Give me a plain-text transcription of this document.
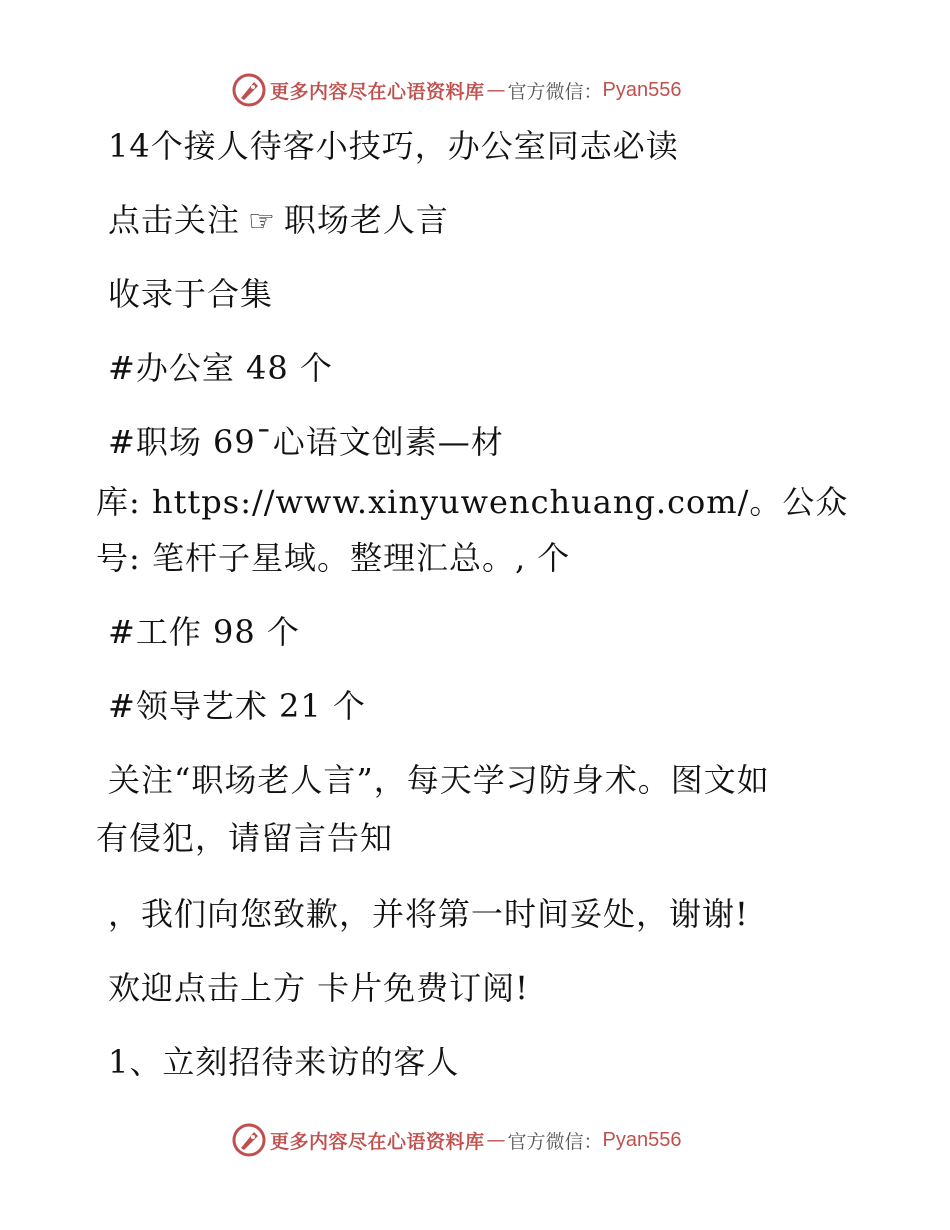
更多内容尽在心语资料库 — 官方微信： Pyan556
14个接人待客小技巧，办公室同志必读
点击关注 ☞ 职场老人言
收录于合集
#办公室 48 个
#职场 69¯心语文创素—材
库: https://www.xinyuwenchuang.com/。公众
号: 笔杆子星域。整理汇总。, 个
#工作 98 个
#领导艺术 21 个
关注“职场老人言”，每天学习防身术。图文如
有侵犯，请留言告知
，我们向您致歉，并将第一时间妥处，谢谢!
欢迎点击上方 卡片免费订阅!
1、立刻招待来访的客人
更多内容尽在心语资料库 — 官方微信： Pyan556
